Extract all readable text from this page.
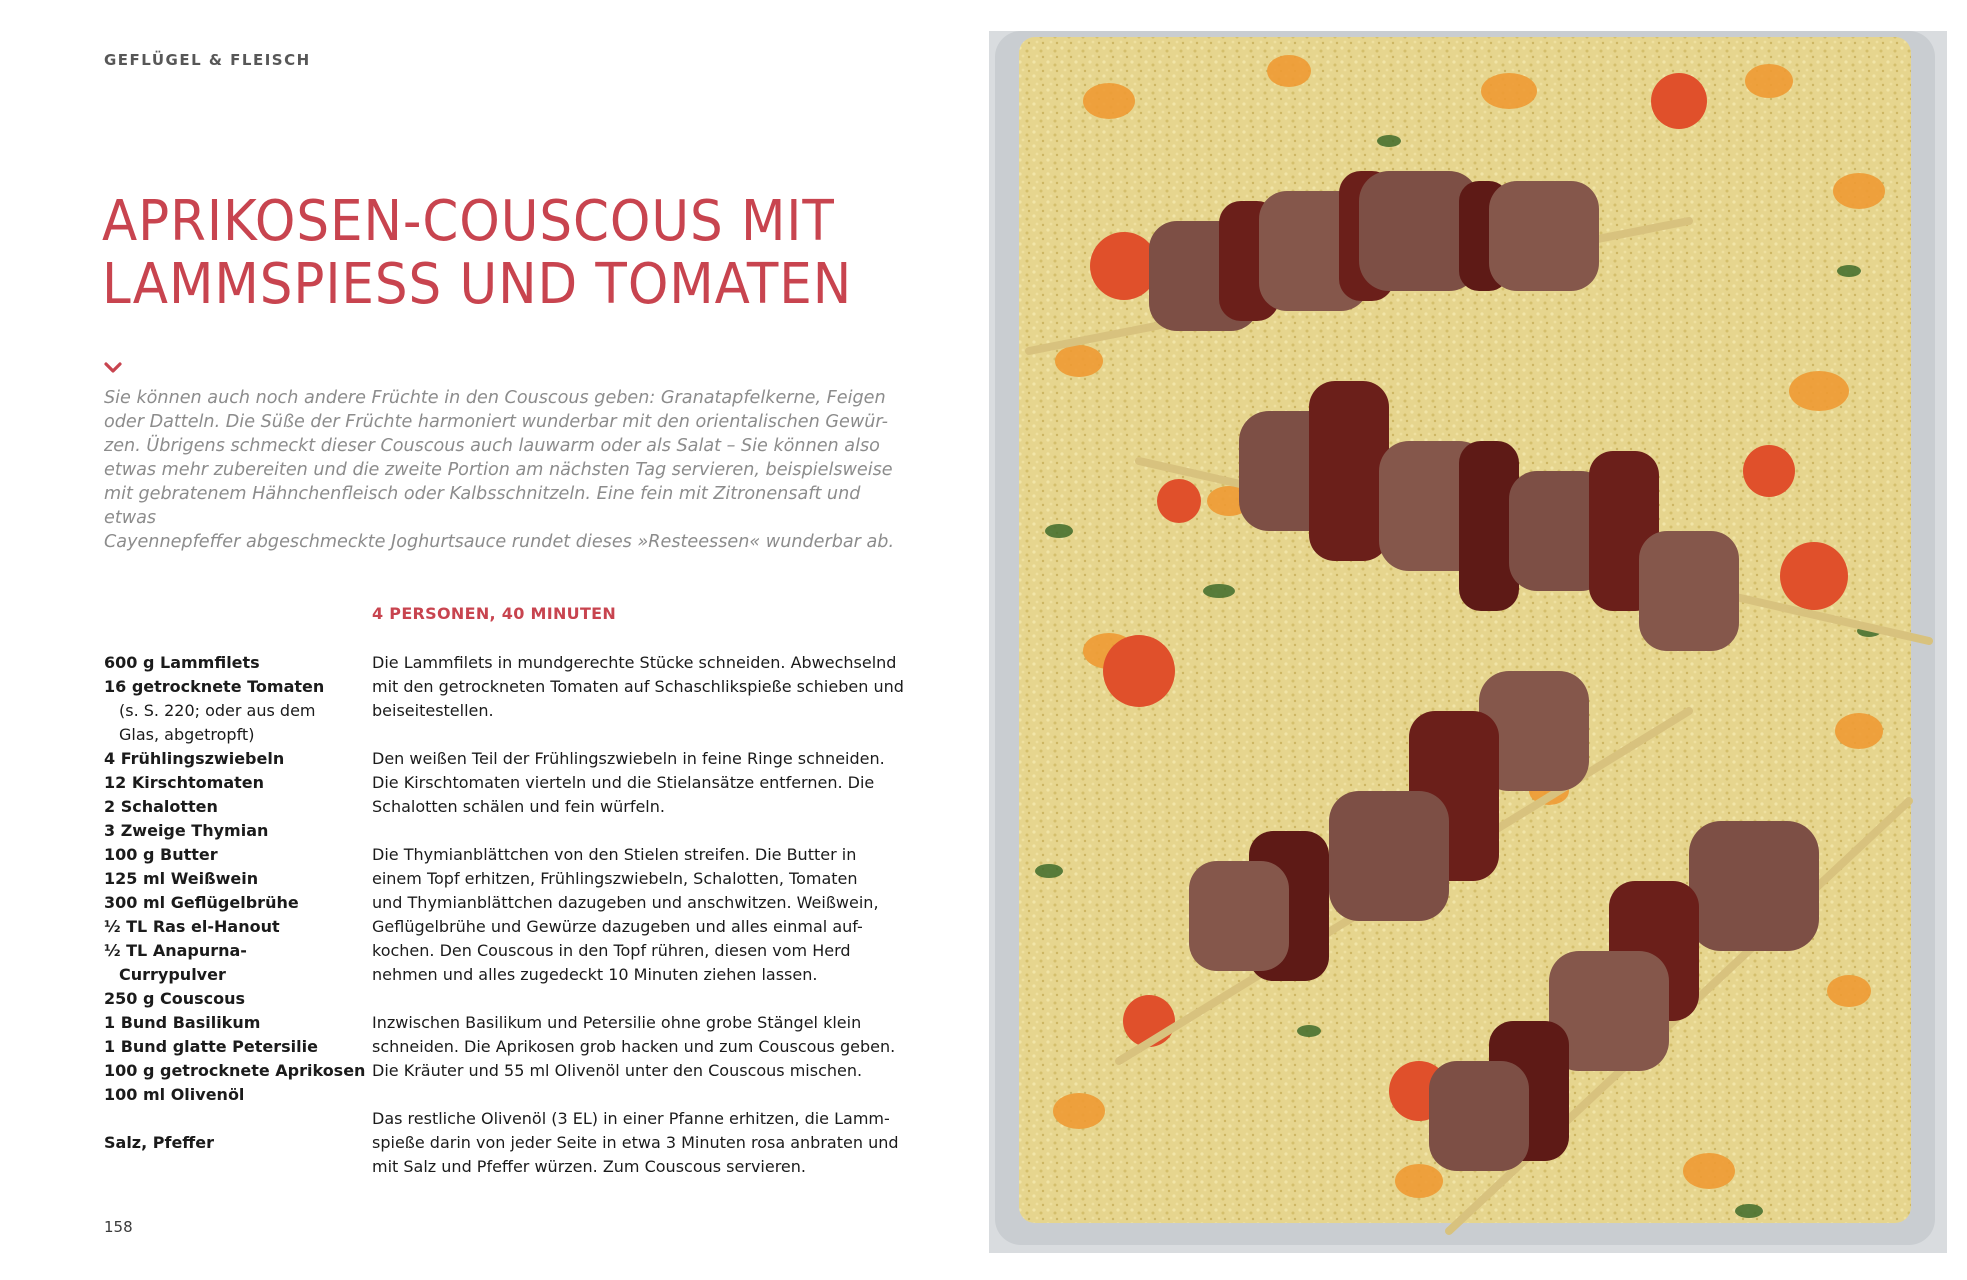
GEFLÜGEL & FLEISCH
APRIKOSEN-COUSCOUS MIT
LAMMSPIESS UND TOMATEN
Sie können auch noch andere Früchte in den Couscous geben: Granatapfelkerne, Feigen
oder Datteln. Die Süße der Früchte harmoniert wunderbar mit den orientalischen Gewür-
zen. Übrigens schmeckt dieser Couscous auch lauwarm oder als Salat – Sie können also
etwas mehr zubereiten und die zweite Portion am nächsten Tag servieren, beispielsweise
mit gebratenem Hähnchenfleisch oder Kalbsschnitzeln. Eine fein mit Zitronensaft und etwas
Cayennepfeffer abgeschmeckte Joghurtsauce rundet dieses »Resteessen« wunderbar ab.
4 PERSONEN, 40 MINUTEN
600 g Lammfilets
16 getrocknete Tomaten
(s. S. 220; oder aus dem
Glas, abgetropft)
4 Frühlingszwiebeln
12 Kirschtomaten
2 Schalotten
3 Zweige Thymian
100 g Butter
125 ml Weißwein
300 ml Geflügelbrühe
½ TL Ras el-Hanout
½ TL Anapurna-
Currypulver
250 g Couscous
1 Bund Basilikum
1 Bund glatte Petersilie
100 g getrocknete Aprikosen
100 ml Olivenöl
Salz, Pfeffer

Die Lammfilets in mundgerechte Stücke schneiden. Abwechselnd
mit den getrockneten Tomaten auf Schaschlikspieße schieben und
beiseitestellen.

Den weißen Teil der Frühlingszwiebeln in feine Ringe schneiden.
Die Kirschtomaten vierteln und die Stielansätze entfernen. Die
Schalotten schälen und fein würfeln.

Die Thymianblättchen von den Stielen streifen. Die Butter in
einem Topf erhitzen, Frühlingszwiebeln, Schalotten, Tomaten
und Thymianblättchen dazugeben und anschwitzen. Weißwein,
Geflügelbrühe und Gewürze dazugeben und alles einmal auf-
kochen. Den Couscous in den Topf rühren, diesen vom Herd
nehmen und alles zugedeckt 10 Minuten ziehen lassen.

Inzwischen Basilikum und Petersilie ohne grobe Stängel klein
schneiden. Die Aprikosen grob hacken und zum Couscous geben.
Die Kräuter und 55 ml Olivenöl unter den Couscous mischen.

Das restliche Olivenöl (3 EL) in einer Pfanne erhitzen, die Lamm-
spieße darin von jeder Seite in etwa 3 Minuten rosa anbraten und
mit Salz und Pfeffer würzen. Zum Couscous servieren.

158
